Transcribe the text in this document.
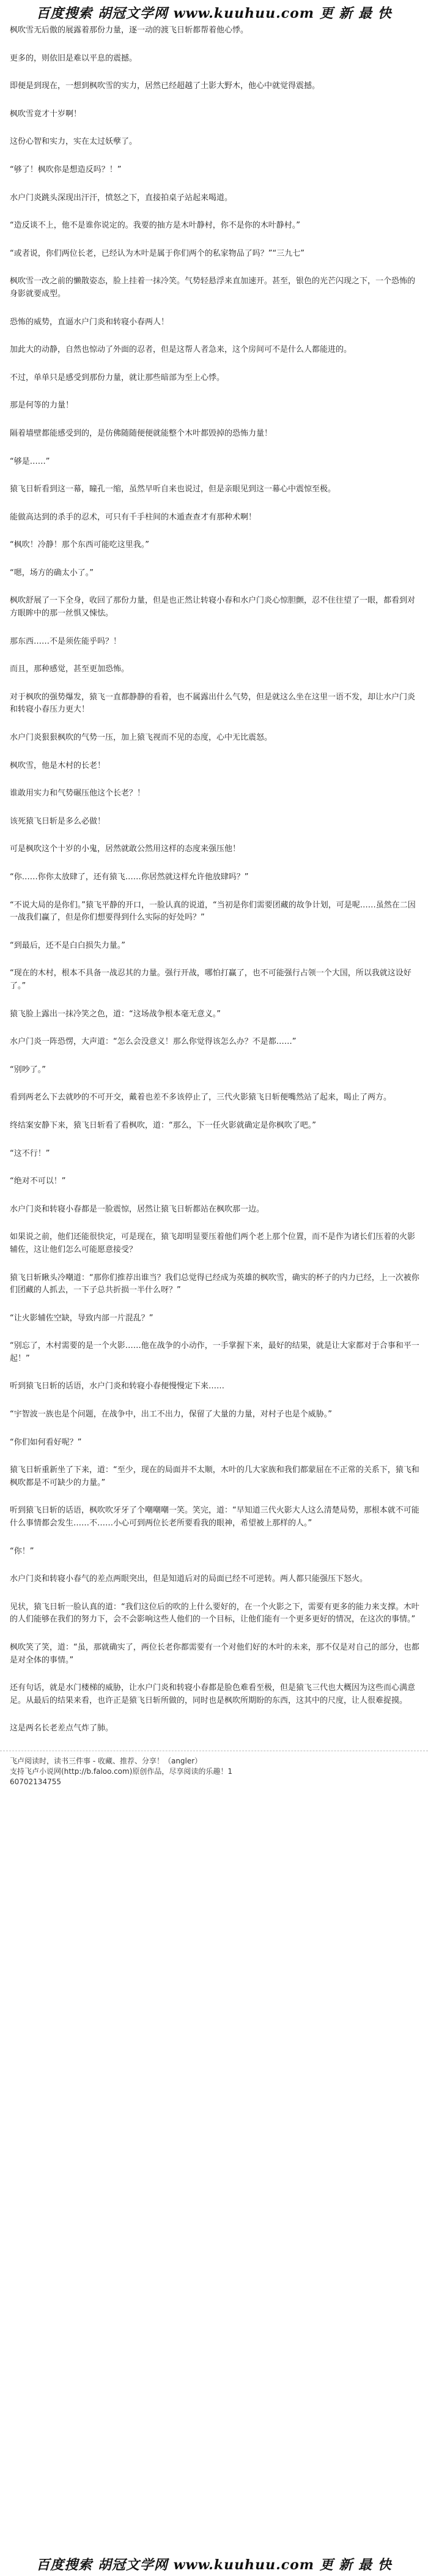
百度搜索 胡冠文学网 www.kuuhuu.com 更 新 最 快

枫吹雪无后傲的展露着那份力量，逐一动的渡飞日斩都帮着他心悸。

更多的，则依旧是难以平息的震撼。

即便是到现在，一想到枫吹雪的实力，居然已经超越了土影大野木，他心中就觉得震撼。

枫吹雪竟才十岁啊！

这份心智和实力，实在太过妖孽了。

“够了！枫吹你是想造反吗？！”

水户门炎跳头深现出汗汗，愤怒之下，直接拍桌子站起来喝道。

“造反谈不上，他不是谁你说定的。我要的抽方是木叶静村，你不是你的木叶静村。”

“或者说，你们两位长老，已经认为木叶是属于你们两个的私家物品了吗？”“三九七”

枫吹雪一改之前的懒散姿态，脸上挂着一抹冷笑。气势轻悬浮来直加速开。甚至，银色的光芒闪现之下，一个恐怖的身影就要成型。

恐怖的威势，直逼水户门炎和转寝小春两人！

加此大的动静，自然也惊动了外面的忍者，但是这帮人者急来，这个房间可不是什么人都能进的。

不过，单单只是感受到那份力量，就让那些暗部为至上心悸。

那是何等的力量！

隔着墙壁都能感受到的，是仿佛随随便便就能整个木叶都毁掉的恐怖力量！

“够是……”

猿飞日斩看到这一幕，瞳孔一缩，虽然早听自来也说过，但是亲眼见到这一幕心中震惊至极。

能做高达到的杀手的忍术，可只有千手柱间的木遁查查才有那种术啊！

“枫吹！冷静！那个东西可能吃这里我。”

“嗯，场方的确太小了。”

枫吹舒展了一下全身，收回了那份力量，但是也正然让转寝小春和水户门炎心惊胆颤，忍不住往望了一眼，都看到对方眼眸中的那一丝惧又悚怯。

那东西……不是须佐能乎吗？！

而且，那种感觉，甚至更加恐怖。

对于枫吹的强势爆发，猿飞一直都静静的看着，也不属露出什么气势，但是就这么坐在这里一语不发，却让水户门炎和转寝小春压力更大！

水户门炎狠狠枫吹的气势一压，加上猿飞视而不见的态度，心中无比震怒。

枫吹雪，他是木村的长老！

谁敢用实力和气势碾压他这个长老？！

该死猿飞日斩是多么必做！

可是枫吹这个十岁的小鬼，居然就敢公然用这样的态度来强压他！

“你……你你太放肆了，还有猿飞……你居然就这样允许他放肆吗？”

“不说大局的是你们。”猿飞平静的开口，一脸认真的说道，“当初是你们需要团藏的故争计划，可是呢……虽然在二因一战我们赢了，但是你们想要得到什么实际的好处吗？”

“到最后，还不是白白损失力量。”

“现在的木村，根本不具备一战忍其的力量。强行开战，哪怕打赢了，也不可能强行占领一个大国，所以我就这设好了。”

猿飞脸上露出一抹冷笑之色，道：“这场战争根本毫无意义。”

水户门炎一阵恐愣，大声道：“怎么会没意义！那么你觉得该怎么办？不是都……”

“别吵了。”

看到两老么下去就吵的不可开交，戴着也差不多该停止了，三代火影猿飞日斩便嘴然站了起来，喝止了两方。

终结案安静下来，猿飞日斩看了看枫吹，道：“那么，下一任火影就确定是你枫吹了吧。”

“这不行！”

“绝对不可以！”

水户门炎和转寝小春都是一脸震惊，居然让猿飞日斩都站在枫吹那一边。

如果说之前，他们还能很快定，可是现在，猿飞却明显要压着他们两个老上那个位置，而不是作为诸长们压着的火影辅佐，这让他们怎么可能愿意接受？

猿飞日斩瞅头冷嘲道：“那你们推荐出谁当？我们总觉得已经成为英雄的枫吹雪，确实的杯子的内力已经，上一次被你们团藏的人抓去，一下子总共折损一半什么呀？”

“让火影辅佐空缺，导致内部一片混乱？”

“别忘了，木村需要的是一个火影……他在战争的小动作，一手掌握下来，最好的结果，就是让大家都对于合事和平一起！”

听到猿飞日斩的话语，水户门炎和转寝小春便慢慢定下来……

“宇智波一族也是个问题，在战争中，出工不出力，保留了大量的力量，对村子也是个威胁。”

“你们如何看好呢？”

猿飞日斩重新坐了下来，道：“至少，现在的局面并不太顺，木叶的几大家族和我们都蒙屈在不正常的关系下，猿飞和枫吹都是不可缺少的力量。”

听到猿飞日斩的话语，枫吹吹牙牙了个嘲嘲嘲一笑。笑完，道：“早知道三代火影大人这么清楚局势，那根本就不可能什么事情都会发生……不……小心可到两位长老所要看我的眼神，希望被上那样的人。”

“你！”

水户门炎和转寝小春气的差点两眼突出，但是知道后对的局面已经不可逆转。两人都只能强压下怒火。

见状，猿飞日斩一脸认真的道：“我们这位后的吹的上什么要好的，在一个火影之下，需要有更多的能力来支撑。木叶的人们能够在我们的努力下，会不会影响这些人他们的一个目标，让他们能有一个更多更好的情况，在这次的事情。”

枫吹笑了笑，道：“虽，那就确实了，两位长老你都需要有一个对他们好的木叶的未来，那不仅是对自己的部分，也都是对全体的事情。”

还有句话，就是水门楼梯的威胁，让水户门炎和转寝小春都是脸色难看至极，但是猿飞三代也大概因为这些而心满意足。从最后的结果来看，也许正是猿飞日斩所做的，同时也是枫吹所期盼的东西，这其中的尺度，让人很难捉摸。

这是两名长老差点气炸了肺。

飞卢阅读时，读书三件事 - 收藏、推荐、分享！（angler）

支持飞卢小说网(http://b.faloo.com)原创作品，尽享阅读的乐趣！1

60702134755

百度搜索 胡冠文学网 www.kuuhuu.com 更 新 最 快
